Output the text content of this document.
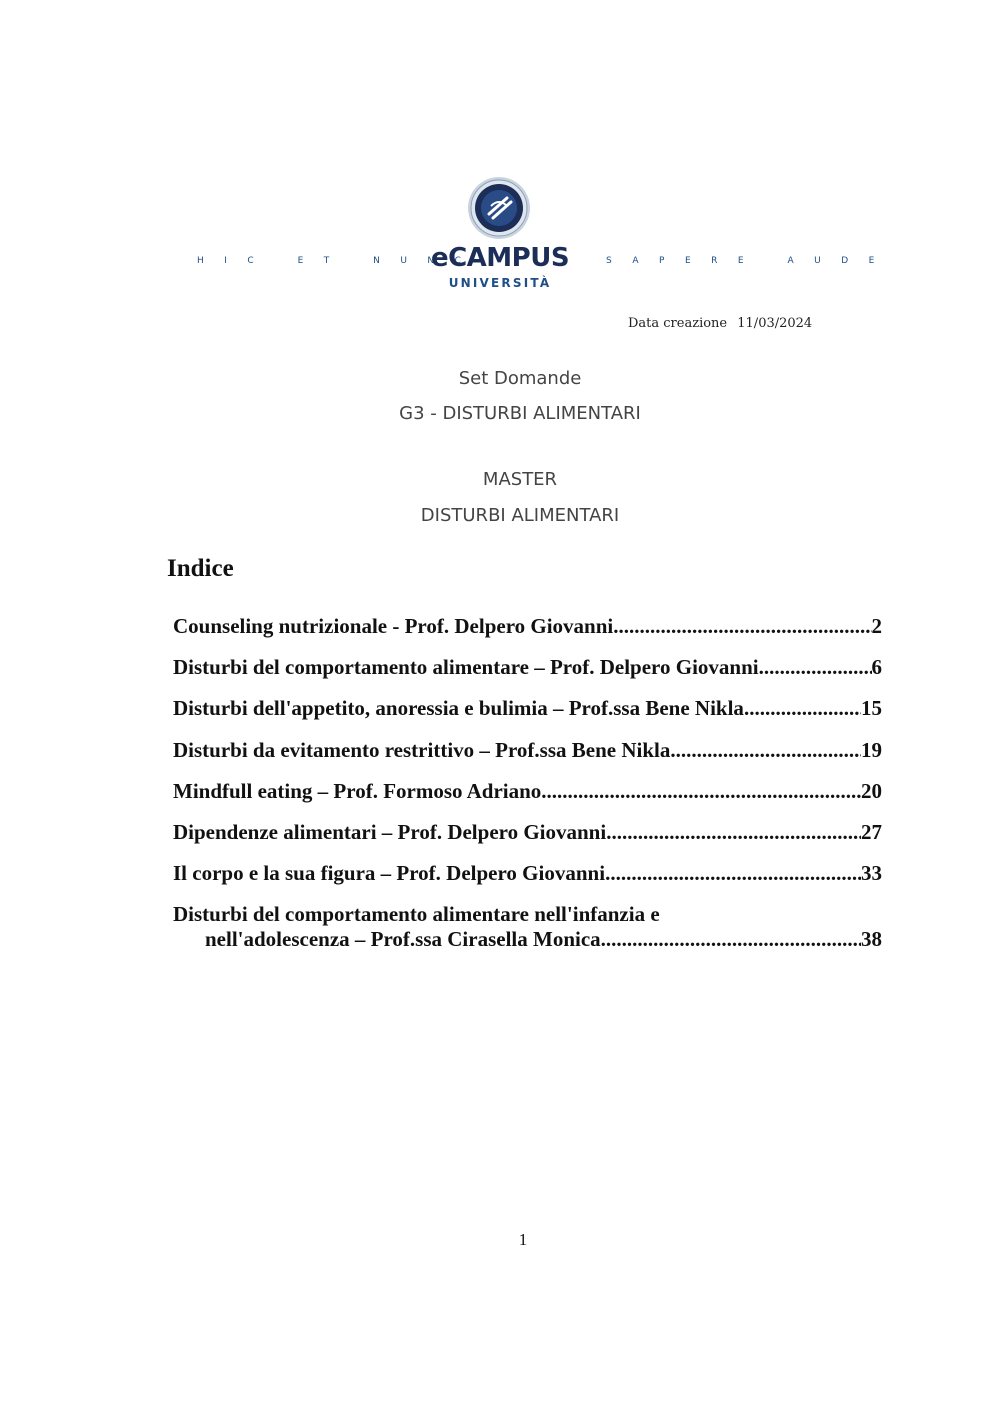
HIC ET NUNC	SAPERE AUDE
eCAMPUS
UNIVERSITÀ
Data creazione 11/03/2024
Set Domande
G3 - DISTURBI ALIMENTARI
MASTER
DISTURBI ALIMENTARI
Indice
Counseling nutrizionale - Prof. Delpero Giovanni .....	2
Disturbi del comportamento alimentare – Prof. Delpero Giovanni .....	6
Disturbi dell'appetito, anoressia e bulimia – Prof.ssa Bene Nikla .....	15
Disturbi da evitamento restrittivo – Prof.ssa Bene Nikla .....	19
Mindfull eating – Prof. Formoso Adriano .....	20
Dipendenze alimentari – Prof. Delpero Giovanni .....	27
Il corpo e la sua figura – Prof. Delpero Giovanni .....	33
Disturbi del comportamento alimentare nell'infanzia e
nell'adolescenza – Prof.ssa Cirasella Monica .....	38
1
